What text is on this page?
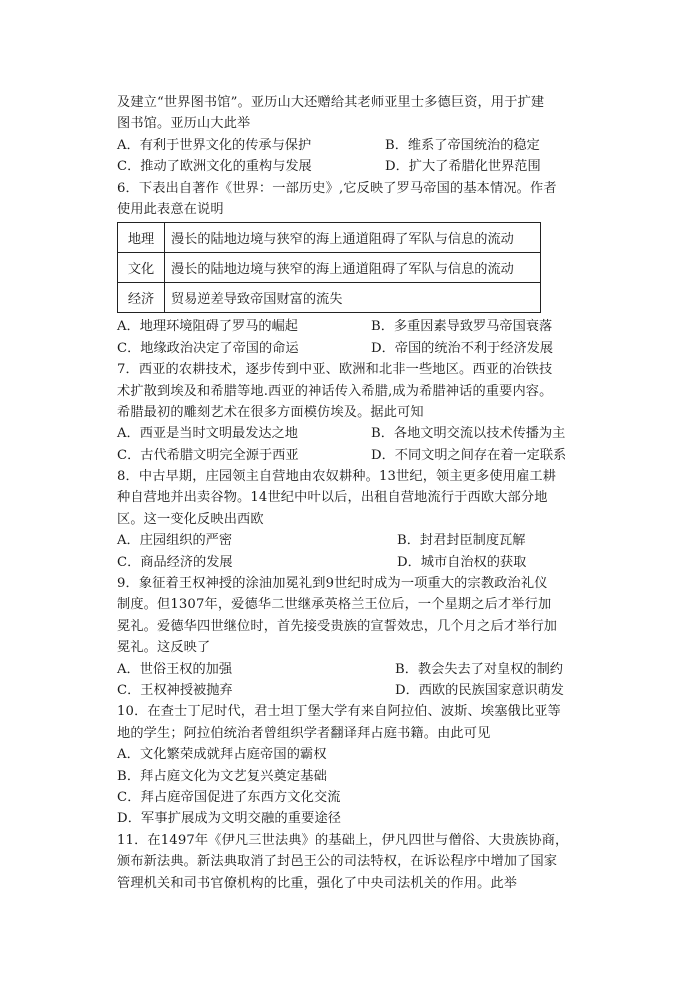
及建立“世界图书馆”。亚历山大还赠给其老师亚里士多德巨资，用于扩建
图书馆。亚历山大此举
A．有利于世界文化的传承与保护	B．维系了帝国统治的稳定
C．推动了欧洲文化的重构与发展	D．扩大了希腊化世界范围
6．下表出自著作《世界：一部历史》,它反映了罗马帝国的基本情况。作者
使用此表意在说明
地理	漫长的陆地边境与狭窄的海上通道阻碍了军队与信息的流动
文化	漫长的陆地边境与狭窄的海上通道阻碍了军队与信息的流动
经济	贸易逆差导致帝国财富的流失
A．地理环境阻碍了罗马的崛起	B．多重因素导致罗马帝国衰落
C．地缘政治决定了帝国的命运	D．帝国的统治不利于经济发展
7．西亚的农耕技术，逐步传到中亚、欧洲和北非一些地区。西亚的冶铁技
术扩散到埃及和希腊等地.西亚的神话传入希腊,成为希腊神话的重要内容。
希腊最初的雕刻艺术在很多方面模仿埃及。据此可知
A．西亚是当时文明最发达之地	B．各地文明交流以技术传播为主
C．古代希腊文明完全源于西亚	D．不同文明之间存在着一定联系
8．中古早期，庄园领主自营地由农奴耕种。13世纪，领主更多使用雇工耕
种自营地并出卖谷物。14世纪中叶以后，出租自营地流行于西欧大部分地
区。这一变化反映出西欧
A．庄园组织的严密	B．封君封臣制度瓦解
C．商品经济的发展	D．城市自治权的获取
9．象征着王权神授的涂油加冕礼到9世纪时成为一项重大的宗教政治礼仪
制度。但1307年，爱德华二世继承英格兰王位后，一个星期之后才举行加
冕礼。爱德华四世继位时，首先接受贵族的宣誓效忠，几个月之后才举行加
冕礼。这反映了
A．世俗王权的加强	B．教会失去了对皇权的制约
C．王权神授被抛弃	D．西欧的民族国家意识萌发
10．在查士丁尼时代，君士坦丁堡大学有来自阿拉伯、波斯、埃塞俄比亚等
地的学生；阿拉伯统治者曾组织学者翻译拜占庭书籍。由此可见
A．文化繁荣成就拜占庭帝国的霸权
B．拜占庭文化为文艺复兴奠定基础
C．拜占庭帝国促进了东西方文化交流
D．军事扩展成为文明交融的重要途径
11．在1497年《伊凡三世法典》的基础上，伊凡四世与僧俗、大贵族协商，
颁布新法典。新法典取消了封邑王公的司法特权，在诉讼程序中增加了国家
管理机关和司书官僚机构的比重，强化了中央司法机关的作用。此举
